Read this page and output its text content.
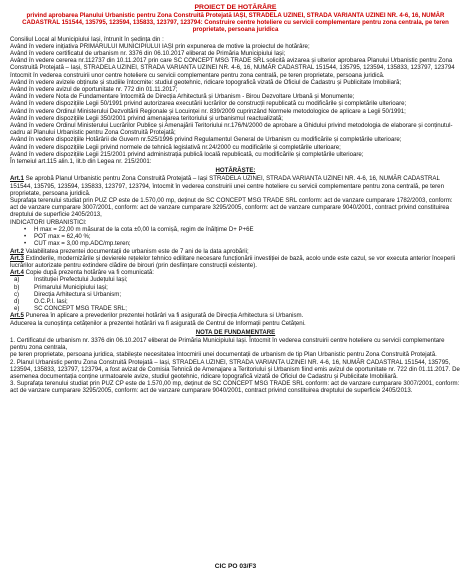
PROIECT DE HOTĂRÂRE
privind aprobarea Planului Urbanistic pentru Zona Construită Protejată IAȘI, STRADELA UZINEI, STRADA VARIANTA UZINEI NR. 4-6, 16, NUMĂR CADASTRAL 151544, 135795, 123594, 135833, 123797, 123794: Construire centre hoteliere cu servicii complementare pentru zona centrala, pe teren proprietate, persoana juridica

Consiliul Local al Municipiului Iași, întrunit în ședința din :

Având în vedere inițiativa PRIMARULUI MUNICIPIULUI IAȘI prin expunerea de motive la proiectul de hotărâre;

Având în vedere certificatul de urbanism nr. 3376 din 06.10.2017 eliberat de Primăria Municipiului Iași;

Având în vedere cererea nr.112737 din 10.11.2017 prin care SC CONCEPT MSG TRADE SRL solicită avizarea și ulterior aprobarea Planului Urbanistic pentru Zona Construită Protejată – Iași, STRADELA UZINEI, STRADA VARIANTA UZINEI NR. 4-6, 16, NUMĂR CADASTRAL 151544, 135795, 123594, 135833, 123797, 123794 întocmit în vederea construirii unor centre hoteliere cu servicii complementare pentru zona centrală, pe teren proprietate, persoana juridică.

Având în vedere avizele obținute și studiile întocmite: studiul geotehnic, ridicare topografică vizată de Oficiul de Cadastru și Publicitate Imobiliară;

Având în vedere avizul de oportunitate nr. 772 din 01.11.2017;

Având în vedere Nota de Fundamentare întocmită de Direcția Arhitectură și Urbanism - Birou Dezvoltare Urbană și Monumente;

Având în vedere dispozițiile Legii 50/1991 privind autorizarea executării lucrărilor de construcții republicată cu modificările și completările ulterioare;

Având în vedere Ordinul Ministerului Dezvoltării Regionale și Locuinței nr. 839/2009 cuprinzând Normele metodologice de aplicare a Legii 50/1991;

Având în vedere dispozițiile Legii 350/2001 privind amenajarea teritoriului și urbanismul reactualizată;

Având în vedere Ordinul Ministerului Lucrărilor Publice și Amenajării Teritoriului nr.176/N/2000 de aprobare a Ghidului privind metodologia de elaborare și conținutul-cadru al Planului Urbanistic pentru Zona Construită Protejată;

Având în vedere dispozițiile Hotărârii de Guvern nr.525/1996 privind Regulamentul General de Urbanism cu modificările și completările ulterioare;

Având în vedere dispozițiile Legii privind normele de tehnică legislativă nr.24/2000 cu modificările și completările ulterioare;

Având în vedere dispozițiile Legii 215/2001 privind administrația publică locală republicată, cu modificările și completările ulterioare;

În temeiul art.115 alin.1, lit.b din Legea nr. 215/2001:

HOTĂRĂȘTE:

Art.1 Se aprobă Planul Urbanistic pentru Zona Construită Protejată – Iași STRADELA UZINEI, STRADA VARIANTA UZINEI NR. 4-6, 16, NUMĂR CADASTRAL 151544, 135795, 123594, 135833, 123797, 123794, întocmit în vederea construirii unei centre hoteliere cu servicii complementare pentru zona centrală, pe teren proprietate, persoana juridică.

Suprafața terenului studiat prin PUZ CP este de 1.570,00 mp, deținut de SC CONCEPT MSG TRADE SRL conform: act de vanzare cumparare 1782/2003, conform: act de vanzare cumparare 3007/2001, conform: act de vanzare cumparare 3295/2005, conform: act de vanzare cumparare 9040/2001, contract privind constituirea dreptului de superficie 2405/2013,

INDICATORI URBANISTICI:

•	H max = 22,00 m măsurat de la cota ±0,00 la cornișă, regim de înălțime D+ P+6E
•	POT max = 62,40 %;
•	CUT max = 3,00 mp.ADC/mp.teren;

Art.2 Valabilitatea prezentei documentații de urbanism este de 7 ani de la data aprobării;

Art.3 Extinderile, modernizările și devierele rețelelor tehnico edilitare necesare funcționării investiției de bază, acolo unde este cazul, se vor executa anterior începerii lucrărilor autorizate pentru extindere clădire de birouri (prin desființare construcții existente).

Art.4 Copie după prezenta hotărâre va fi comunicată:

a)	Instituției Prefectului Județului Iași;
b)	Primarului Municipiului Iași;
c)	Direcția Arhitectura si Urbanism;
d)	O.C.P.I. Iasi;
e)	SC CONCEPT MSG TRADE SRL;

Art.5 Punerea în aplicare a prevederilor prezentei hotărâri va fi asigurată de Direcția Arhitectura si Urbanism.

Aducerea la cunoștința cetățenilor a prezentei hotărâri va fi asigurată de Centrul de Informații pentru Cetățeni.

NOTA DE FUNDAMENTARE

1. Certificatul de urbanism nr. 3376 din 06.10.2017 eliberat de Primăria Municipiului Iași. Întocmit în vederea construirii centre hoteliere cu servicii complementare pentru zona centrala,

pe teren proprietate, persoana juridica, stabilește necesitatea întocmirii unei documentații de urbanism de tip Plan Urbanistic pentru Zona Construită Protejată.

2. Planul Urbanistic pentru Zona Construită Protejată – Iași, STRADELA UZINEI, STRADA VARIANTA UZINEI NR. 4-6, 16, NUMĂR CADASTRAL 151544, 135795, 123594, 135833, 123797, 123794, a fost avizat de Comisia Tehnică de Amenajare a Teritoriului și Urbanism fiind emis avizul de oportunitate nr. 722 din 01.11.2017. De asemenea documentația conține urmatoarele avize, studiul geotehnic, ridicare topografică vizată de Oficiul de Cadastru și Publicitate Imobiliară.

3. Suprafața terenului studiat prin PUZ CP este de 1.570,00 mp, deținut de SC CONCEPT MSG TRADE SRL conform: act de vanzare cumparare 3007/2001, conform: act de vanzare cumparare 3295/2005, conform: act de vanzare cumparare 9040/2001, contract privind constituirea dreptului de superficie 2405/2013.

CIC PO 03/F3
